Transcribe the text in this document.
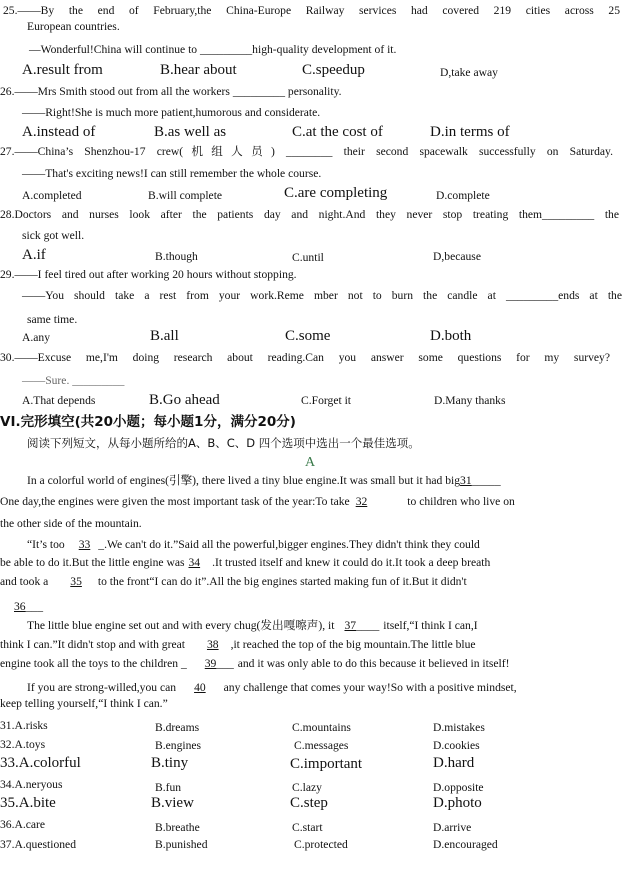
25.——By the end of February,the China-Europe Railway services had covered 219 cities across 25
European countries.
—Wonderful!China will continue to _________high-quality development of it.
A.result from	B.hear about	C.speedup	D,take away
26.——Mrs Smith stood out from all the workers _________ personality.
——Right!She is much more patient,humorous and considerate.
A.instead of	B.as well as	C.at the cost of	D.in terms of
27.——China’s Shenzhou-17 crew(机组人员) ________ their second spacewalk successfully on Saturday.
——That's exciting news!I can still remember the whole course.
A.completed	B.will complete	C.are completing	D.complete
28.Doctors and nurses look after the patients day and night.And they never stop treating them_________ the
sick got well.
A.if	B.though	C.until	D,because
29.——I feel tired out after working 20 hours without stopping.
——You should take a rest from your work.Reme mber not to burn the candle at _________ends at the
same time.
A.any	B.all	C.some	D.both
30.——Excuse me,I'm doing research about reading.Can you answer some questions for my survey?
——Sure. _________
A.That depends	B.Go ahead	C.Forget it	D.Many thanks
VI.完形填空(共20小题；每小题1分，满分20分)
阅读下列短文，从每小题所给的A、B、C、D 四个选项中选出一个最佳选项。
A
In a colorful world of engines(引擎), there lived a tiny blue engine.It was small but it had big31_____
One day,the engines were given the most important task of the year:To take 32	to children who live on
the other side of the mountain.
“It’s too 33 _.We can't do it.”Said all the powerful,bigger engines.They didn't think they could
be able to do it.But the little engine was 34 .It trusted itself and knew it could do it.It took a deep breath
and took a 35 to the front“I can do it”.All the big engines started making fun of it.But it didn't
36___
The little blue engine set out and with every chug(发出嘎嚓声), it 37____ itself,“I think I can,I
think I can.”It didn't stop and with great 38 ,it reached the top of the big mountain.The little blue
engine took all the toys to the children _ 39___ and it was only able to do this because it believed in itself!
If you are strong-willed,you can 40 any challenge that comes your way!So with a positive mindset,
keep telling yourself,“I think I can.”
31.A.risks	B.dreams	C.mountains	D.mistakes
32.A.toys	B.engines	C.messages	D.cookies
33.A.colorful	B.tiny	C.important	D.hard
34.A.neryous	B.fun	C.lazy	D.opposite
35.A.bite	B.view	C.step	D.photo
36.A.care	B.breathe	C.start	D.arrive
37.A.questioned	B.punished	C.protected	D.encouraged
